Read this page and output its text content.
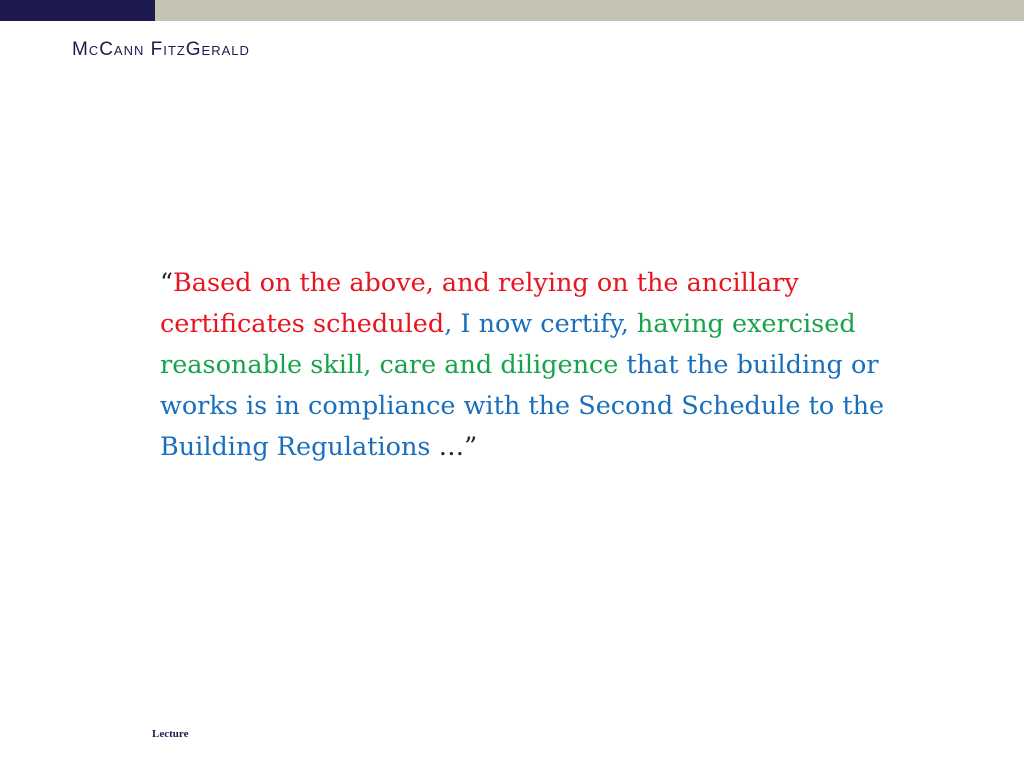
McCann FitzGerald
“Based on the above, and relying on the ancillary certificates scheduled, I now certify, having exercised reasonable skill, care and diligence that the building or works is in compliance with the Second Schedule to the Building Regulations …”
Lecture
